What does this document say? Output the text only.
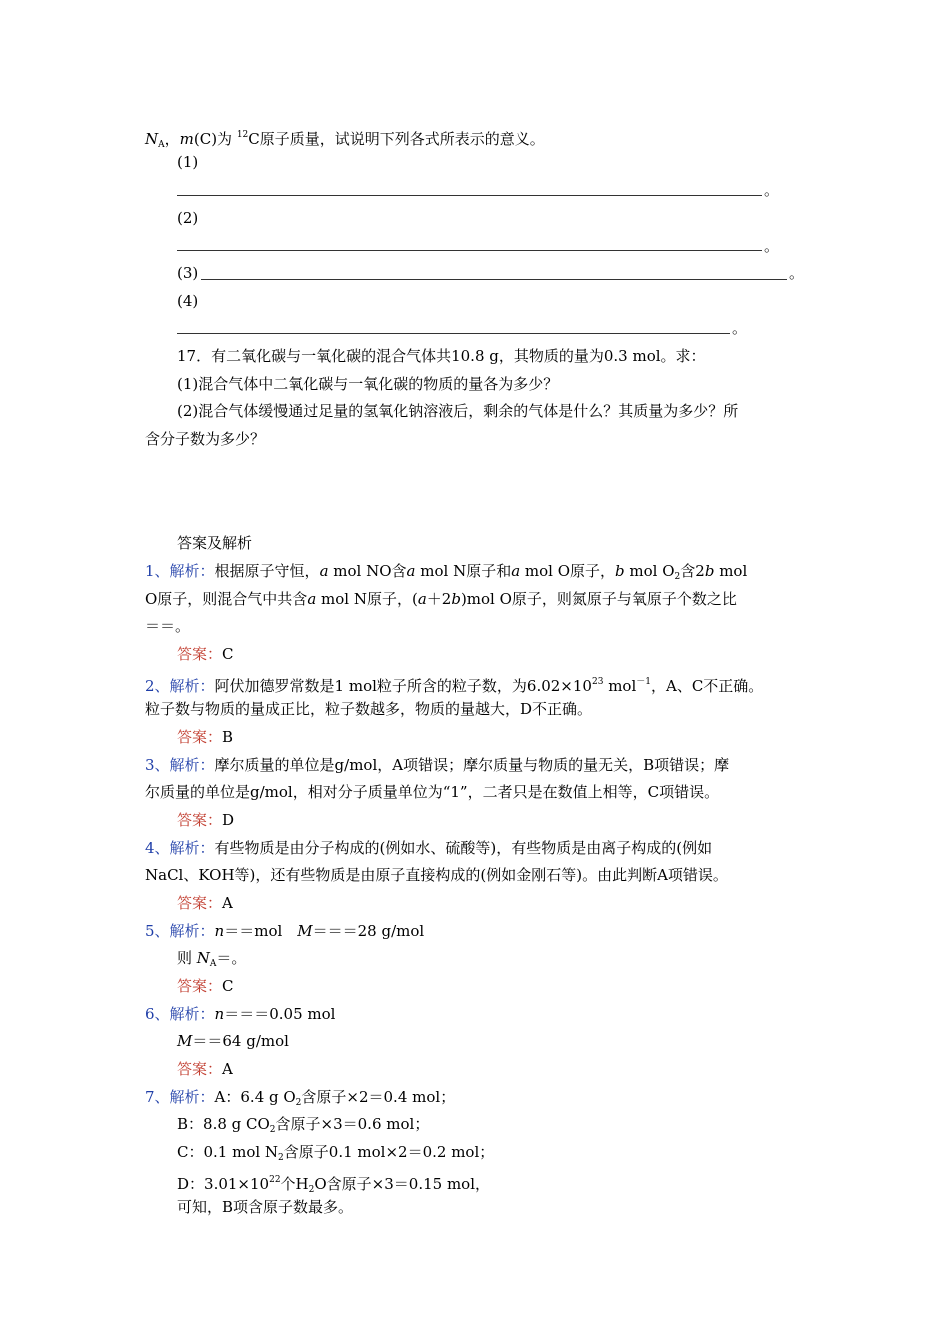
$N_A$，m(C)为 $^{12}$C原子质量，试说明下列各式所表示的意义。
(1)
。
(2)
。
(3)	。
(4)
。
17．有二氧化碳与一氧化碳的混合气体共10.8 g，其物质的量为0.3 mol。求：
(1)混合气体中二氧化碳与一氧化碳的物质的量各为多少？
(2)混合气体缓慢通过足量的氢氧化钠溶液后，剩余的气体是什么？其质量为多少？所
含分子数为多少？
答案及解析
1、解析：根据原子守恒，a mol NO含a mol N原子和a mol O原子，b mol $O_2$含2b mol
O原子，则混合气中共含a mol N原子，(a＋2b)mol O原子，则氮原子与氧原子个数之比
＝＝。
答案：C
2、解析：阿伏加德罗常数是1 mol粒子所含的粒子数，为$6.02\times 10^{23}$ mol$^{-1}$，A、C不正确。
粒子数与物质的量成正比，粒子数越多，物质的量越大，D不正确。
答案：B
3、解析：摩尔质量的单位是g/mol，A项错误；摩尔质量与物质的量无关，B项错误；摩
尔质量的单位是g/mol，相对分子质量单位为“1”，二者只是在数值上相等，C项错误。
答案：D
4、解析：有些物质是由分子构成的(例如水、硫酸等)，有些物质是由离子构成的(例如
NaCl、KOH等)，还有些物质是由原子直接构成的(例如金刚石等)。由此判断A项错误。
答案：A
5、解析：n＝＝mol　M＝＝＝28 g/mol
则 $N_A=$。
答案：C
6、解析：n＝＝＝0.05 mol
M＝＝64 g/mol
答案：A
7、解析：A：6.4 g $O_2$含原子×2＝0.4 mol；
B：8.8 g $CO_2$含原子×3＝0.6 mol；
C：0.1 mol $N_2$含原子0.1 mol×2＝0.2 mol；
D：$3.01\times 10^{22}$个$H_2O$含原子×3＝0.15 mol，
可知，B项含原子数最多。
